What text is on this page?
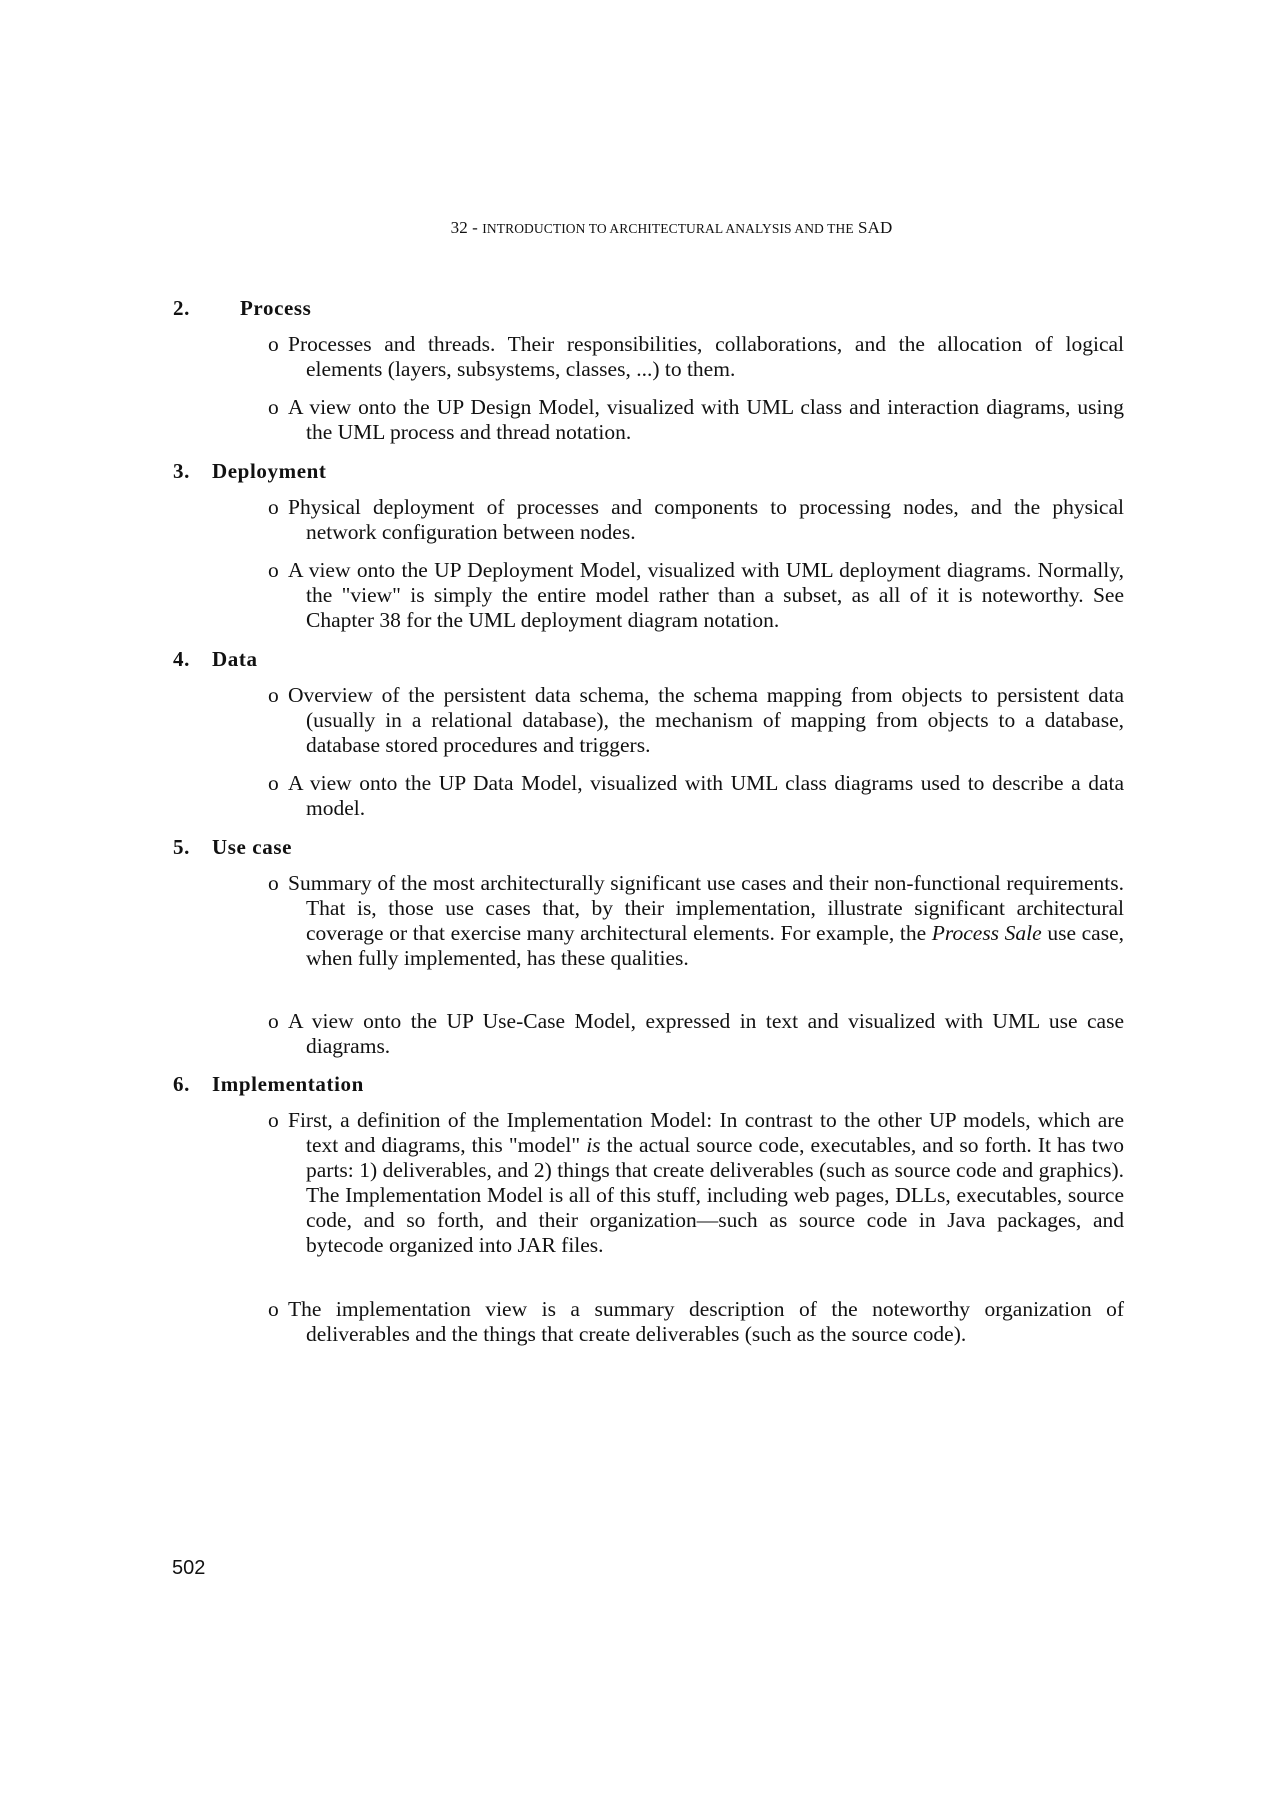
32 - INTRODUCTION TO ARCHITECTURAL ANALYSIS AND THE SAD
2. Process
o Processes and threads. Their responsibilities, collaborations, and the allocation of logical elements (layers, subsystems, classes, ...) to them.
o A view onto the UP Design Model, visualized with UML class and interaction diagrams, using the UML process and thread notation.
3. Deployment
o Physical deployment of processes and components to processing nodes, and the physical network configuration between nodes.
o A view onto the UP Deployment Model, visualized with UML deployment diagrams. Normally, the "view" is simply the entire model rather than a subset, as all of it is noteworthy. See Chapter 38 for the UML deployment diagram notation.
4. Data
o Overview of the persistent data schema, the schema mapping from objects to persistent data (usually in a relational database), the mechanism of mapping from objects to a database, database stored procedures and triggers.
o A view onto the UP Data Model, visualized with UML class diagrams used to describe a data model.
5. Use case
o Summary of the most architecturally significant use cases and their non-functional requirements. That is, those use cases that, by their implementation, illustrate significant architectural coverage or that exercise many architectural elements. For example, the Process Sale use case, when fully implemented, has these qualities.
o A view onto the UP Use-Case Model, expressed in text and visualized with UML use case diagrams.
6. Implementation
o First, a definition of the Implementation Model: In contrast to the other UP models, which are text and diagrams, this "model" is the actual source code, executables, and so forth. It has two parts: 1) deliverables, and 2) things that create deliverables (such as source code and graphics). The Implementation Model is all of this stuff, including web pages, DLLs, executables, source code, and so forth, and their organization—such as source code in Java packages, and bytecode organized into JAR files.
o The implementation view is a summary description of the noteworthy organization of deliverables and the things that create deliverables (such as the source code).
502
